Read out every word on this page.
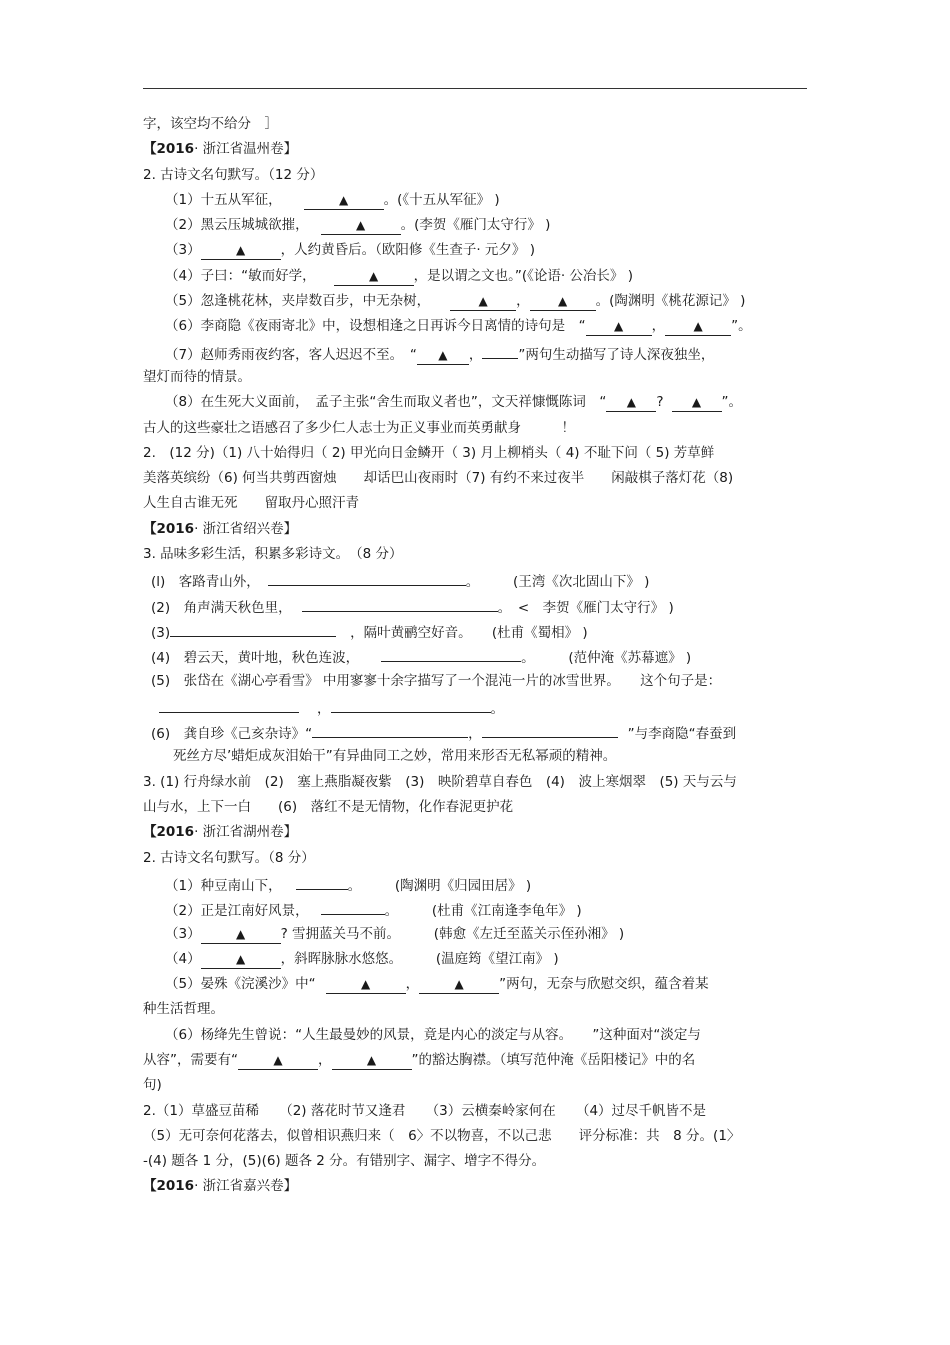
字，该空均不给分　］
【2016· 浙江省温州卷】
2. 古诗文名句默写。（12 分）
（1）十五从军征，	▲	。(《十五从军征》 )
（2）黑云压城城欲摧，	▲	。(李贺《雁门太守行》 )
（3）	▲	，人约黄昏后。（欧阳修《生查子· 元夕》 )
（4）子曰：“敏而好学，	▲	，是以谓之文也。”(《论语· 公冶长》 )
（5）忽逢桃花林，夹岸数百步，中无杂树，	▲ ， ▲ 。(陶渊明《桃花源记》 )
（6）李商隐《夜雨寄北》中，设想相逢之日再诉今日离情的诗句是　“ ▲ ， ▲ ”。
（7）赵师秀雨夜约客，客人迟迟不至。　“ ▲ ，	”两句生动描写了诗人深夜独坐，
望灯而待的情景。
（8）在生死大义面前，　孟子主张“舍生而取义者也”，文天祥慷慨陈词　“ ▲ ? ▲ ”。
古人的这些豪壮之语感召了多少仁人志士为正义事业而英勇献身　　　！
2.　(12 分)（1) 八十始得归（ 2) 甲光向日金鳞开（ 3) 月上柳梢头（ 4) 不耻下问（ 5) 芳草鲜
美落英缤纷（6) 何当共剪西窗烛　　却话巴山夜雨时（7) 有约不来过夜半　　闲敲棋子落灯花（8)
人生自古谁无死　　留取丹心照汗青
【2016· 浙江省绍兴卷】
3. 品味多彩生活，积累多彩诗文。　（8 分）
(l)　客路青山外，	。　　　(王湾《次北固山下》 )
(2)　角声满天秋色里，	。　<　李贺《雁门太守行》 )
(3)	，隔叶黄鹂空好音。　　(杜甫《蜀相》 )
(4)　碧云天，黄叶地，秋色连波，	。　　　(范仲淹《苏幕遮》 )
(5)　张岱在《湖心亭看雪》 中用寥寥十余字描写了一个混沌一片的冰雪世界。　　这个句子是：
，	。
(6)　龚自珍《己亥杂诗》“	，	”与李商隐“春蚕到
死丝方尽’蜡炬成灰泪始干”有异曲同工之妙，常用来形否无私幂顽的精神。
3. (1) 行舟绿水前　(2)　塞上燕脂凝夜紫　(3)　映阶碧草自春色　(4)　波上寒烟翠　(5) 天与云与
山与水，上下一白　　(6)　落红不是无情物，化作春泥更护花
【2016· 浙江省湖州卷】
2. 古诗文名句默写。（8 分）
（1）种豆南山下，	。　　　(陶渊明《归园田居》 )
（2）正是江南好风景，	。　　　(杜甫《江南逢李龟年》 )
（3）	▲	? 雪拥蓝关马不前。　　　(韩愈《左迁至蓝关示侄孙湘》 )
（4）	▲	，斜晖脉脉水悠悠。　　　(温庭筠《望江南》 )
（5）晏殊《浣溪沙》中“	▲	，	▲	”两句，无奈与欣慰交织，蕴含着某
种生活哲理。
（6）杨绛先生曾说：“人生最曼妙的风景，竟是内心的淡定与从容。　　”这种面对“淡定与
从容”，需要有“	▲	，	▲	”的豁达胸襟。（填写范仲淹《岳阳楼记》中的名
句)
2.（1）草盛豆苗稀　　（2) 落花时节又逢君　　（3）云横秦岭家何在　　（4）过尽千帆皆不是
（5）无可奈何花落去，似曾相识燕归来（　6〉不以物喜，不以己悲　　评分标准：共　8 分。(1〉
-(4) 题各 1 分，(5)(6) 题各 2 分。有错别字、漏字、增字不得分。
【2016· 浙江省嘉兴卷】
